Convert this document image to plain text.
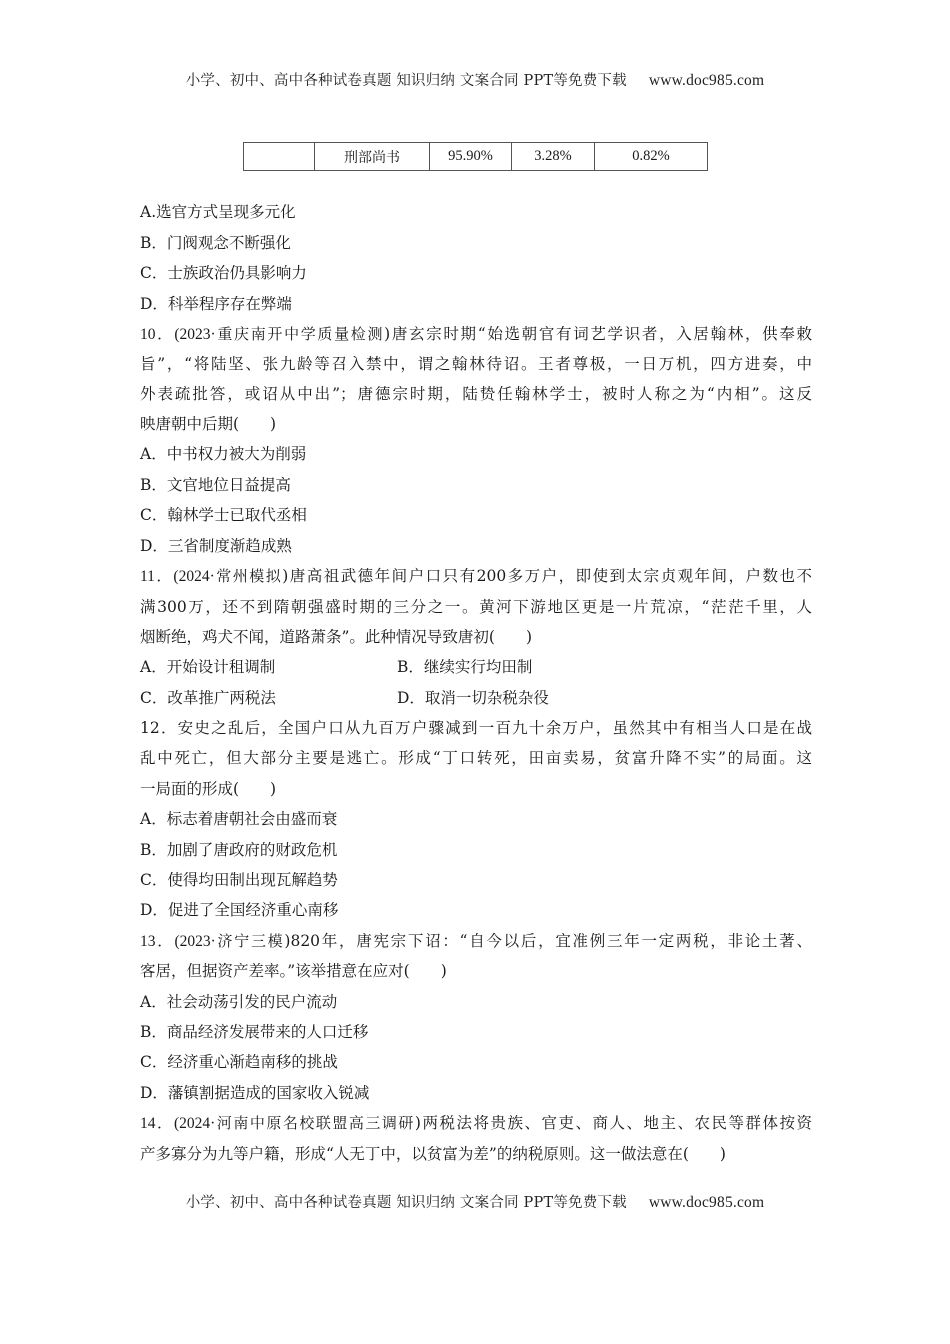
小学、初中、高中各种试卷真题 知识归纳 文案合同 PPT等免费下载 www.doc985.com
	刑部尚书	95.90%	3.28%	0.82%
A.选官方式呈现多元化
B．门阀观念不断强化
C．士族政治仍具影响力
D．科举程序存在弊端
10．(2023·重庆南开中学质量检测)唐玄宗时期“始选朝官有词艺学识者，入居翰林，供奉敕
旨”，“将陆坚、张九龄等召入禁中，谓之翰林待诏。王者尊极，一日万机，四方进奏，中
外表疏批答，或诏从中出”；唐德宗时期，陆贽任翰林学士，被时人称之为“内相”。这反
映唐朝中后期(　　)
A．中书权力被大为削弱
B．文官地位日益提高
C．翰林学士已取代丞相
D．三省制度渐趋成熟
11．(2024·常州模拟)唐高祖武德年间户口只有200多万户，即使到太宗贞观年间，户数也不
满300万，还不到隋朝强盛时期的三分之一。黄河下游地区更是一片荒凉，“茫茫千里，人
烟断绝，鸡犬不闻，道路萧条”。此种情况导致唐初(　　)
A．开始设计租调制	B．继续实行均田制
C．改革推广两税法	D．取消一切杂税杂役
12．安史之乱后，全国户口从九百万户骤减到一百九十余万户，虽然其中有相当人口是在战
乱中死亡，但大部分主要是逃亡。形成“丁口转死，田亩卖易，贫富升降不实”的局面。这
一局面的形成(　　)
A．标志着唐朝社会由盛而衰
B．加剧了唐政府的财政危机
C．使得均田制出现瓦解趋势
D．促进了全国经济重心南移
13．(2023·济宁三模)820年，唐宪宗下诏：“自今以后，宜准例三年一定两税，非论土著、
客居，但据资产差率。”该举措意在应对(　　)
A．社会动荡引发的民户流动
B．商品经济发展带来的人口迁移
C．经济重心渐趋南移的挑战
D．藩镇割据造成的国家收入锐减
14．(2024·河南中原名校联盟高三调研)两税法将贵族、官吏、商人、地主、农民等群体按资
产多寡分为九等户籍，形成“人无丁中，以贫富为差”的纳税原则。这一做法意在(　　)
小学、初中、高中各种试卷真题 知识归纳 文案合同 PPT等免费下载 www.doc985.com
